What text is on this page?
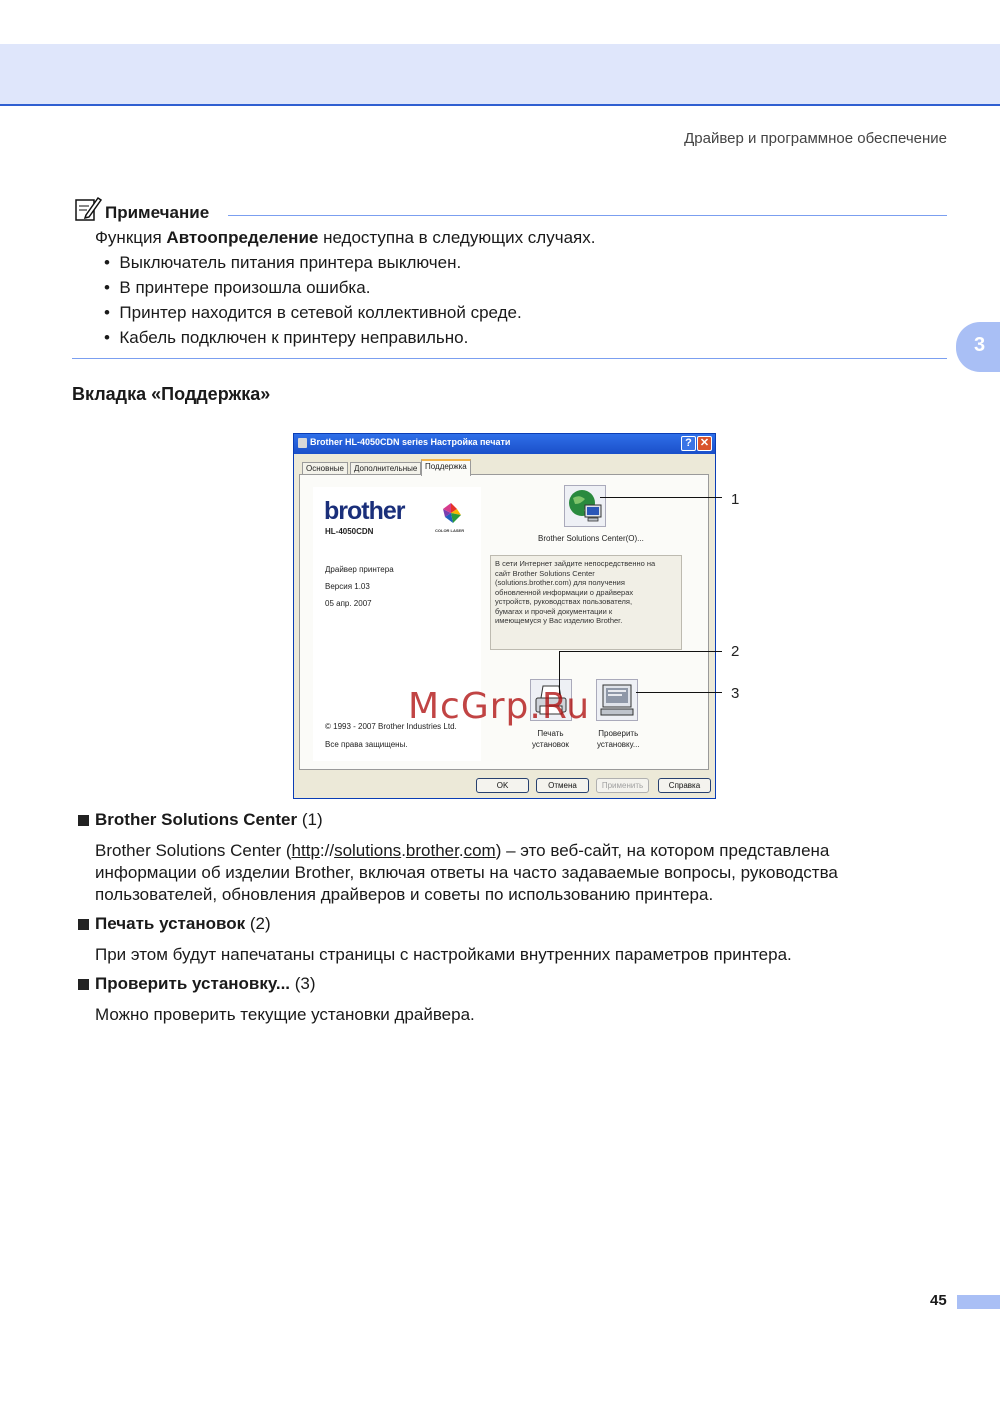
Драйвер и программное обеспечение
3
Примечание
Функция Автоопределение недоступна в следующих случаях.
•  Выключатель питания принтера выключен.
•  В принтере произошла ошибка.
•  Принтер находится в сетевой коллективной среде.
•  Кабель подключен к принтеру неправильно.
Вкладка «Поддержка»
Brother HL-4050CDN series Настройка печати	? ✕
Основные	Дополнительные Поддержка
brother
HL-4050CDN	COLOR LASER
Драйвер принтера
Версия 1.03
05 апр. 2007
© 1993 - 2007 Brother Industries Ltd.
Все права защищены.
Brother Solutions Center(O)...
В сети Интернет зайдите непосредственно на
сайт Brother Solutions Center
(solutions.brother.com) для получения
обновленной информации о драйверах
устройств, руководствах пользователя,
бумагах и прочей документации к
имеющемуся у Вас изделию Brother.
Печать
установок
Проверить
установку...
OK	Отмена	Применить	Справка
1
2
3
McGrp.Ru
Brother Solutions Center (1)
Brother Solutions Center (http://solutions.brother.com) – это веб-сайт, на котором представлена
информации об изделии Brother, включая ответы на часто задаваемые вопросы, руководства
пользователей, обновления драйверов и советы по использованию принтера.
Печать установок (2)
При этом будут напечатаны страницы с настройками внутренних параметров принтера.
Проверить установку... (3)
Можно проверить текущие установки драйвера.
45
